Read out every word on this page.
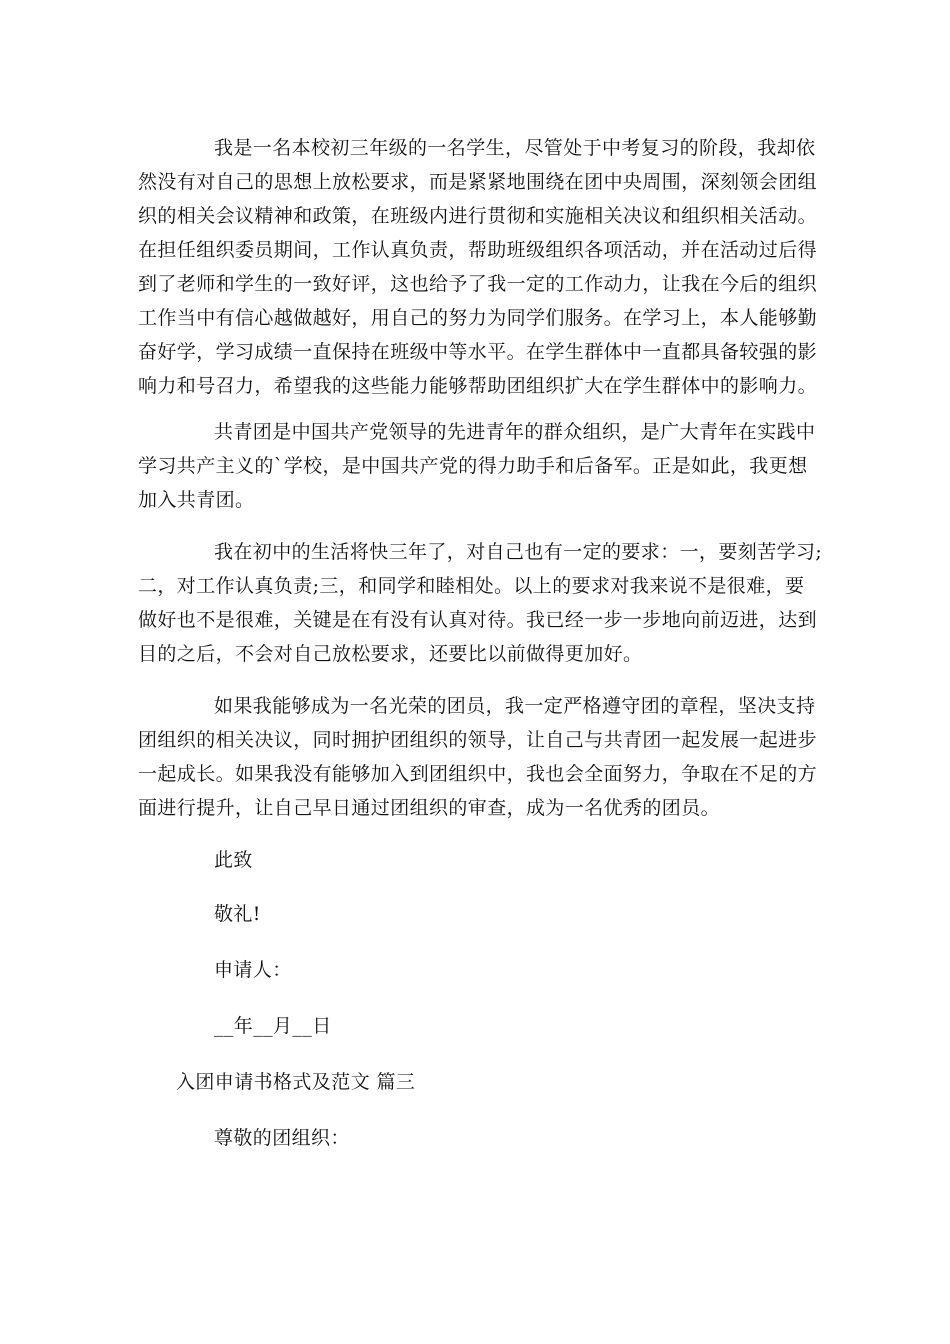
我是一名本校初三年级的一名学生，尽管处于中考复习的阶段，我却依
然没有对自己的思想上放松要求，而是紧紧地围绕在团中央周围，深刻领会团组
织的相关会议精神和政策，在班级内进行贯彻和实施相关决议和组织相关活动。
在担任组织委员期间，工作认真负责，帮助班级组织各项活动，并在活动过后得
到了老师和学生的一致好评，这也给予了我一定的工作动力，让我在今后的组织
工作当中有信心越做越好，用自己的努力为同学们服务。在学习上，本人能够勤
奋好学，学习成绩一直保持在班级中等水平。在学生群体中一直都具备较强的影
响力和号召力，希望我的这些能力能够帮助团组织扩大在学生群体中的影响力。

共青团是中国共产党领导的先进青年的群众组织，是广大青年在实践中
学习共产主义的`学校，是中国共产党的得力助手和后备军。正是如此，我更想
加入共青团。

我在初中的生活将快三年了，对自己也有一定的要求：一，要刻苦学习;
二，对工作认真负责;三，和同学和睦相处。以上的要求对我来说不是很难，要
做好也不是很难，关键是在有没有认真对待。我已经一步一步地向前迈进，达到
目的之后，不会对自己放松要求，还要比以前做得更加好。

如果我能够成为一名光荣的团员，我一定严格遵守团的章程，坚决支持
团组织的相关决议，同时拥护团组织的领导，让自己与共青团一起发展一起进步
一起成长。如果我没有能够加入到团组织中，我也会全面努力，争取在不足的方
面进行提升，让自己早日通过团组织的审查，成为一名优秀的团员。

此致

敬礼!

申请人：

__年__月__日

入团申请书格式及范文 篇三

尊敬的团组织：
